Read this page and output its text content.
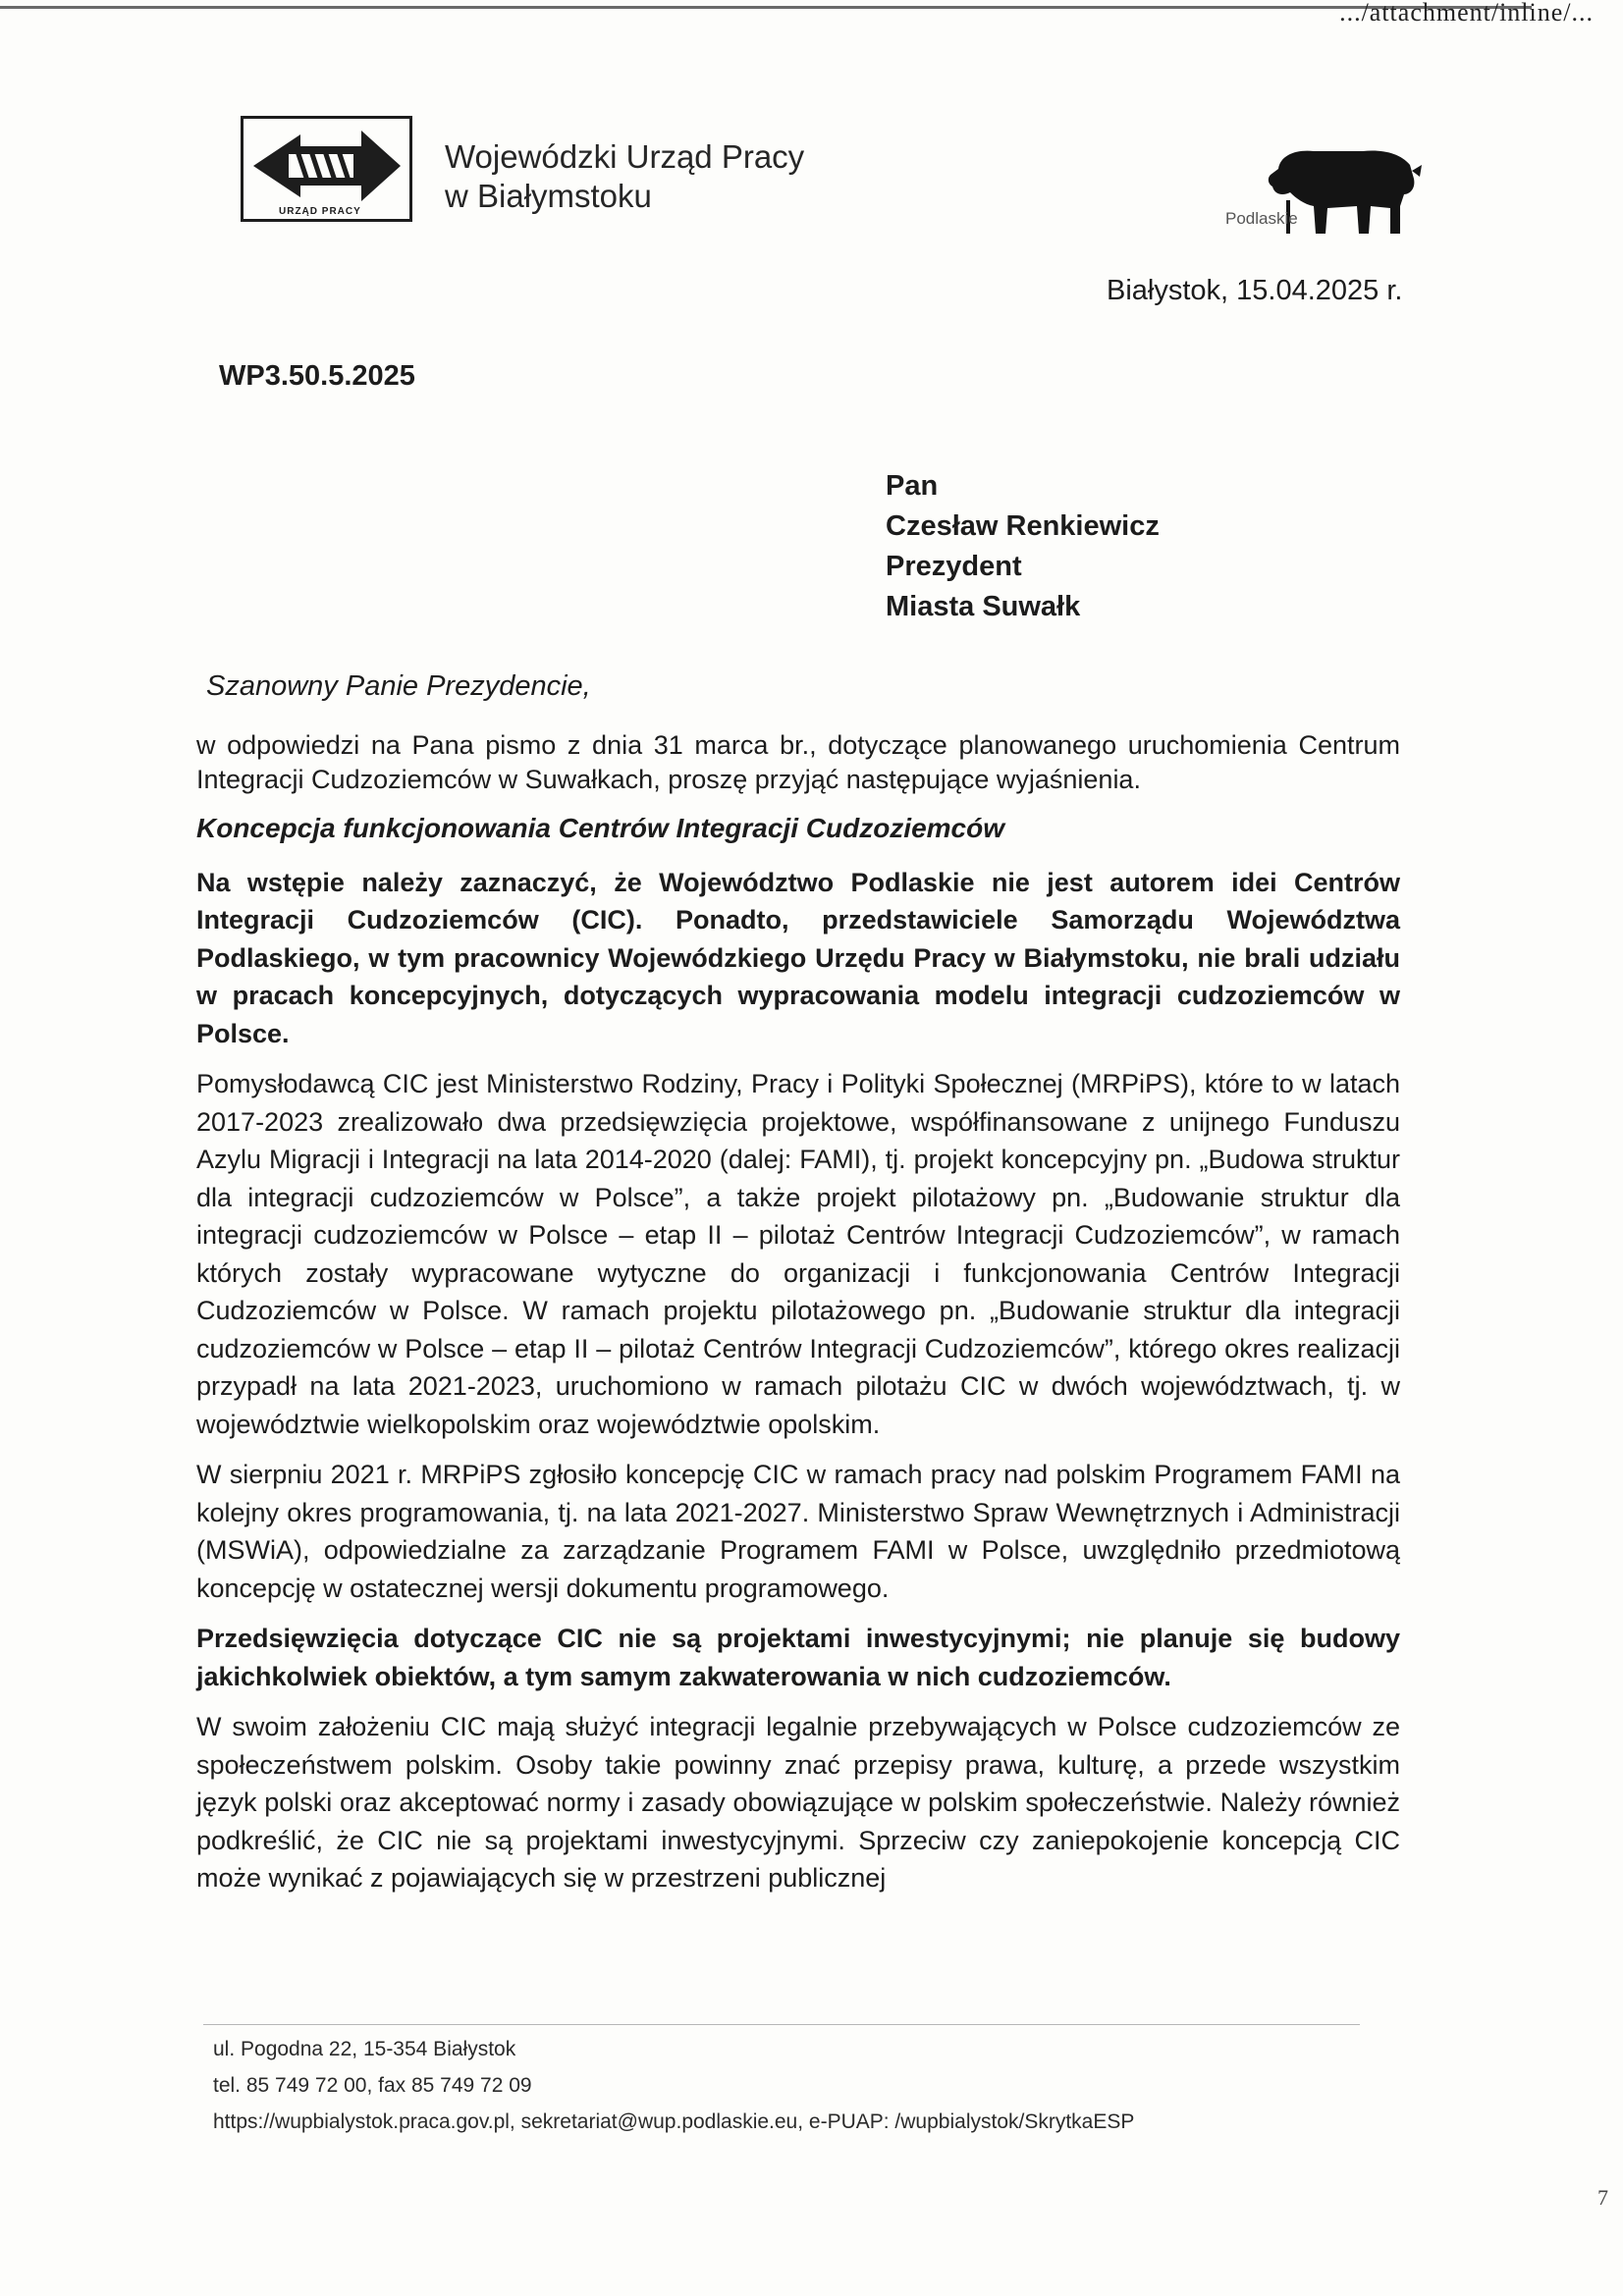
.../attachment/inline/...
URZĄD PRACY
Wojewódzki Urząd Pracy
w Białymstoku
Podlaskie
Białystok, 15.04.2025 r.
WP3.50.5.2025
Pan
Czesław Renkiewicz
Prezydent
Miasta Suwałk
Szanowny Panie Prezydencie,

w odpowiedzi na Pana pismo z dnia 31 marca br., dotyczące planowanego uruchomienia Centrum Integracji Cudzoziemców w Suwałkach, proszę przyjąć następujące wyjaśnienia.

Koncepcja funkcjonowania Centrów Integracji Cudzoziemców

Na wstępie należy zaznaczyć, że Województwo Podlaskie nie jest autorem idei Centrów Integracji Cudzoziemców (CIC). Ponadto, przedstawiciele Samorządu Województwa Podlaskiego, w tym pracownicy Wojewódzkiego Urzędu Pracy w Białymstoku, nie brali udziału w pracach koncepcyjnych, dotyczących wypracowania modelu integracji cudzoziemców w Polsce.

Pomysłodawcą CIC jest Ministerstwo Rodziny, Pracy i Polityki Społecznej (MRPiPS), które to w latach 2017-2023 zrealizowało dwa przedsięwzięcia projektowe, współfinansowane z unijnego Funduszu Azylu Migracji i Integracji na lata 2014-2020 (dalej: FAMI), tj. projekt koncepcyjny pn. „Budowa struktur dla integracji cudzoziemców w Polsce”, a także projekt pilotażowy pn. „Budowanie struktur dla integracji cudzoziemców w Polsce – etap II – pilotaż Centrów Integracji Cudzoziemców”, w ramach których zostały wypracowane wytyczne do organizacji i funkcjonowania Centrów Integracji Cudzoziemców w Polsce. W ramach projektu pilotażowego pn. „Budowanie struktur dla integracji cudzoziemców w Polsce – etap II – pilotaż Centrów Integracji Cudzoziemców”, którego okres realizacji przypadł na lata 2021-2023, uruchomiono w ramach pilotażu CIC w dwóch województwach, tj. w województwie wielkopolskim oraz województwie opolskim.

W sierpniu 2021 r. MRPiPS zgłosiło koncepcję CIC w ramach pracy nad polskim Programem FAMI na kolejny okres programowania, tj. na lata 2021-2027. Ministerstwo Spraw Wewnętrznych i Administracji (MSWiA), odpowiedzialne za zarządzanie Programem FAMI w Polsce, uwzględniło przedmiotową koncepcję w ostatecznej wersji dokumentu programowego.

Przedsięwzięcia dotyczące CIC nie są projektami inwestycyjnymi; nie planuje się budowy jakichkolwiek obiektów, a tym samym zakwaterowania w nich cudzoziemców.

W swoim założeniu CIC mają służyć integracji legalnie przebywających w Polsce cudzoziemców ze społeczeństwem polskim. Osoby takie powinny znać przepisy prawa, kulturę, a przede wszystkim język polski oraz akceptować normy i zasady obowiązujące w polskim społeczeństwie. Należy również podkreślić, że CIC nie są projektami inwestycyjnymi. Sprzeciw czy zaniepokojenie koncepcją CIC może wynikać z pojawiających się w przestrzeni publicznej

ul. Pogodna 22, 15-354 Białystok
tel. 85 749 72 00, fax 85 749 72 09
https://wupbialystok.praca.gov.pl, sekretariat@wup.podlaskie.eu, e-PUAP: /wupbialystok/SkrytkaESP
7
